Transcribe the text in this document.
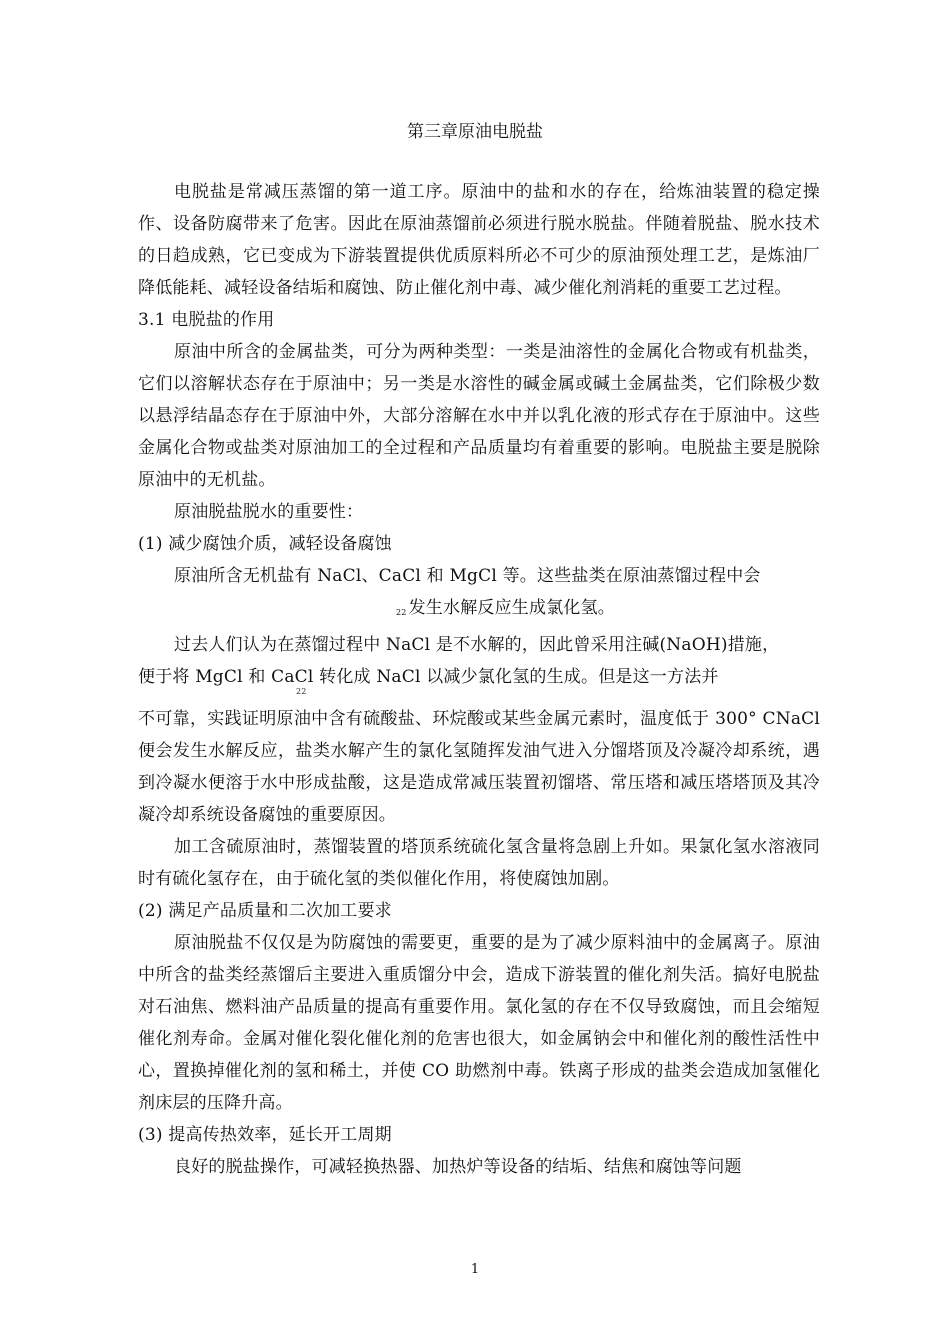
第三章原油电脱盐

电脱盐是常减压蒸馏的第一道工序。原油中的盐和水的存在，给炼油装置的稳定操作、设备防腐带来了危害。因此在原油蒸馏前必须进行脱水脱盐。伴随着脱盐、脱水技术的日趋成熟，它已变成为下游装置提供优质原料所必不可少的原油预处理工艺，是炼油厂降低能耗、减轻设备结垢和腐蚀、防止催化剂中毒、减少催化剂消耗的重要工艺过程。

3.1 电脱盐的作用

原油中所含的金属盐类，可分为两种类型：一类是油溶性的金属化合物或有机盐类，它们以溶解状态存在于原油中；另一类是水溶性的碱金属或碱土金属盐类，它们除极少数以悬浮结晶态存在于原油中外，大部分溶解在水中并以乳化液的形式存在于原油中。这些金属化合物或盐类对原油加工的全过程和产品质量均有着重要的影响。电脱盐主要是脱除原油中的无机盐。

原油脱盐脱水的重要性：

(1) 减少腐蚀介质，减轻设备腐蚀

原油所含无机盐有 NaCl、CaCl 和 MgCl 等。这些盐类在原油蒸馏过程中会
22 发生水解反应生成氯化氢。

过去人们认为在蒸馏过程中 NaCl 是不水解的，因此曾采用注碱(NaOH)措施，
便于将 MgCl 和 CaCl 转化成 NaCl 以减少氯化氢的生成。但是这一方法并
22
不可靠，实践证明原油中含有硫酸盐、环烷酸或某些金属元素时，温度低于 300° CNaCl 便会发生水解反应，盐类水解产生的氯化氢随挥发油气进入分馏塔顶及冷凝冷却系统，遇到冷凝水便溶于水中形成盐酸，这是造成常减压装置初馏塔、常压塔和减压塔塔顶及其冷凝冷却系统设备腐蚀的重要原因。

加工含硫原油时，蒸馏装置的塔顶系统硫化氢含量将急剧上升如。果氯化氢水溶液同时有硫化氢存在，由于硫化氢的类似催化作用，将使腐蚀加剧。

(2) 满足产品质量和二次加工要求

原油脱盐不仅仅是为防腐蚀的需要更，重要的是为了减少原料油中的金属离子。原油中所含的盐类经蒸馏后主要进入重质馏分中会，造成下游装置的催化剂失活。搞好电脱盐对石油焦、燃料油产品质量的提高有重要作用。氯化氢的存在不仅导致腐蚀，而且会缩短催化剂寿命。金属对催化裂化催化剂的危害也很大，如金属钠会中和催化剂的酸性活性中心，置换掉催化剂的氢和稀土，并使 CO 助燃剂中毒。铁离子形成的盐类会造成加氢催化剂床层的压降升高。

(3) 提高传热效率，延长开工周期

良好的脱盐操作，可减轻换热器、加热炉等设备的结垢、结焦和腐蚀等问题

1
